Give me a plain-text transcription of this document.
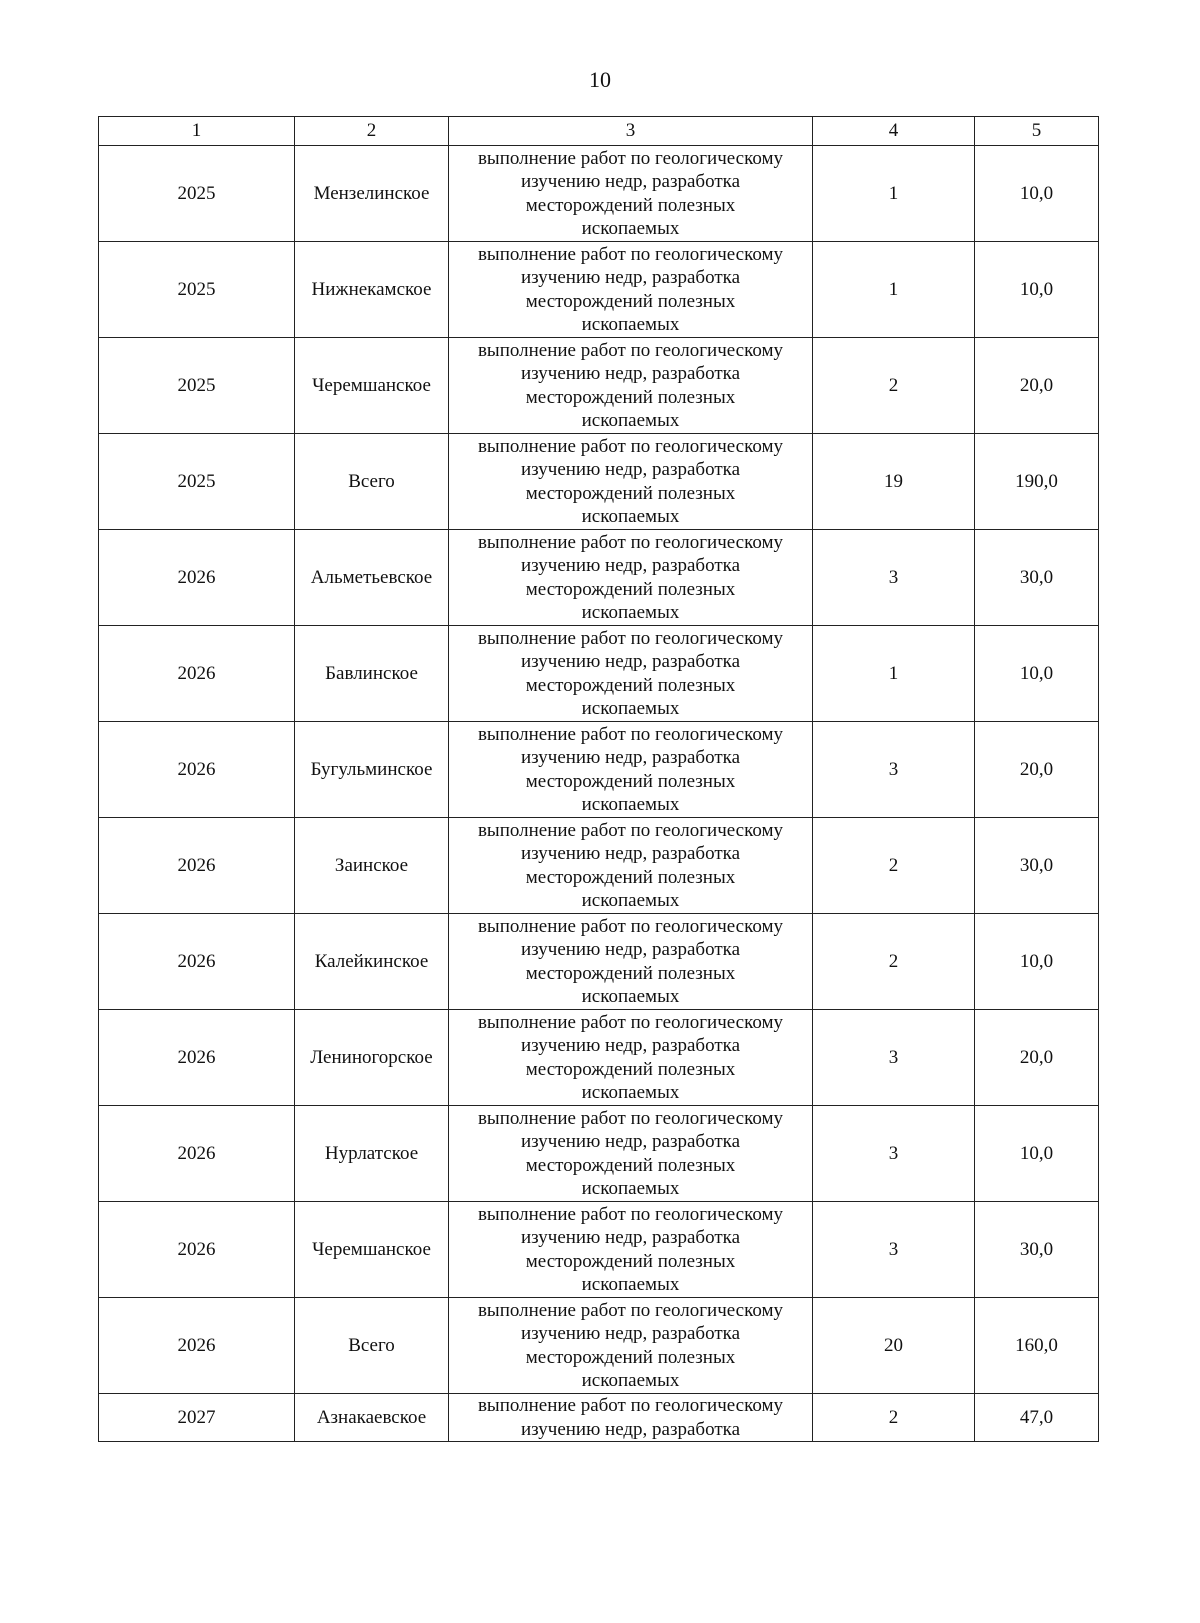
10
1	2	3	4	5
2025	Мензелинское	выполнение работ по геологическому
изучению недр, разработка
месторождений полезных
ископаемых	1	10,0
2025	Нижнекамское	выполнение работ по геологическому
изучению недр, разработка
месторождений полезных
ископаемых	1	10,0
2025	Черемшанское	выполнение работ по геологическому
изучению недр, разработка
месторождений полезных
ископаемых	2	20,0
2025	Всего	выполнение работ по геологическому
изучению недр, разработка
месторождений полезных
ископаемых	19	190,0
2026	Альметьевское	выполнение работ по геологическому
изучению недр, разработка
месторождений полезных
ископаемых	3	30,0
2026	Бавлинское	выполнение работ по геологическому
изучению недр, разработка
месторождений полезных
ископаемых	1	10,0
2026	Бугульминское	выполнение работ по геологическому
изучению недр, разработка
месторождений полезных
ископаемых	3	20,0
2026	Заинское	выполнение работ по геологическому
изучению недр, разработка
месторождений полезных
ископаемых	2	30,0
2026	Калейкинское	выполнение работ по геологическому
изучению недр, разработка
месторождений полезных
ископаемых	2	10,0
2026	Лениногорское	выполнение работ по геологическому
изучению недр, разработка
месторождений полезных
ископаемых	3	20,0
2026	Нурлатское	выполнение работ по геологическому
изучению недр, разработка
месторождений полезных
ископаемых	3	10,0
2026	Черемшанское	выполнение работ по геологическому
изучению недр, разработка
месторождений полезных
ископаемых	3	30,0
2026	Всего	выполнение работ по геологическому
изучению недр, разработка
месторождений полезных
ископаемых	20	160,0
2027	Азнакаевское	выполнение работ по геологическому
изучению недр, разработка	2	47,0
